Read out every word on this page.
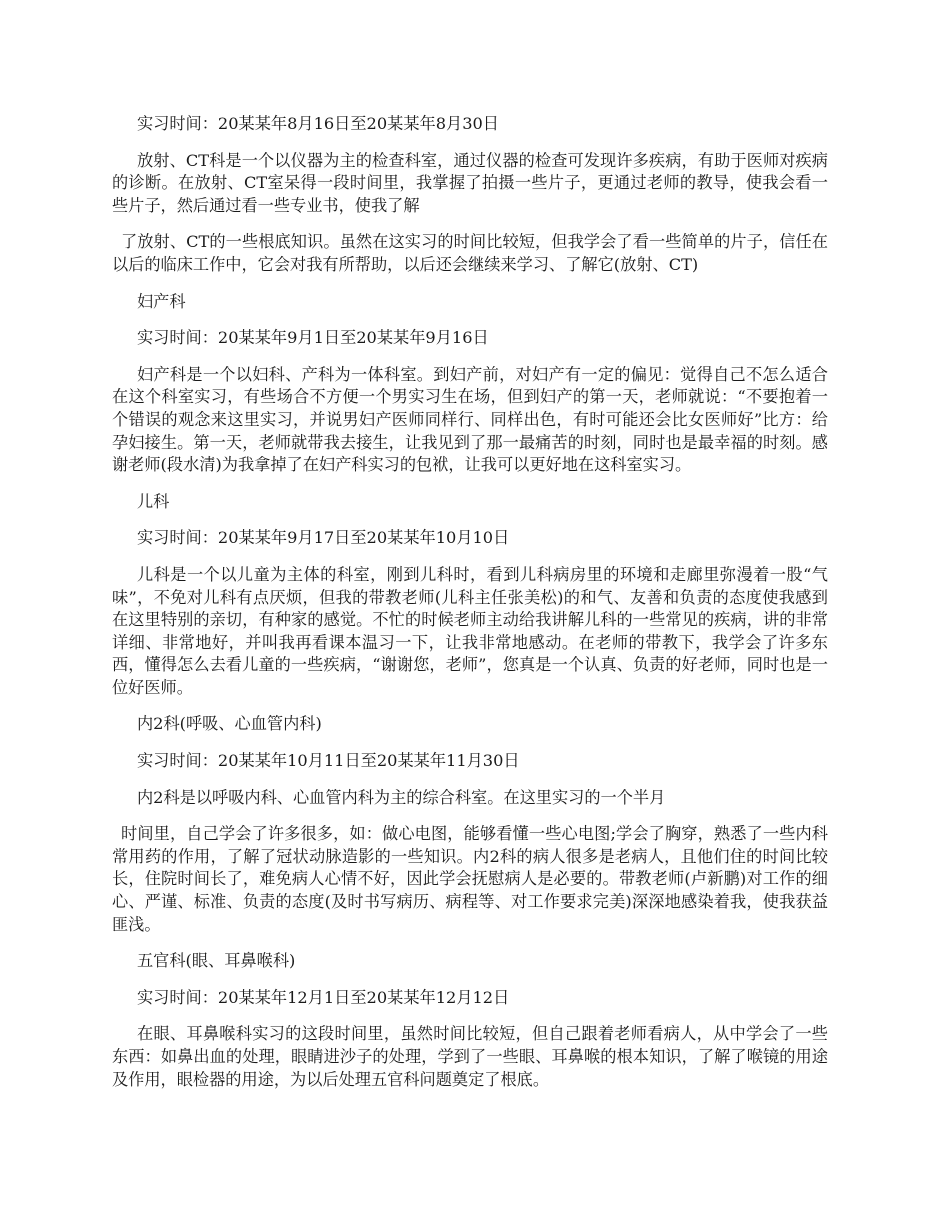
实习时间：20某某年8月16日至20某某年8月30日

放射、CT科是一个以仪器为主的检查科室，通过仪器的检查可发现许多疾病，有助于医师对疾病的诊断。在放射、CT室呆得一段时间里，我掌握了拍摄一些片子，更通过老师的教导，使我会看一些片子，然后通过看一些专业书，使我了解

了放射、CT的一些根底知识。虽然在这实习的时间比较短，但我学会了看一些简单的片子，信任在以后的临床工作中，它会对我有所帮助，以后还会继续来学习、了解它(放射、CT)

妇产科

实习时间：20某某年9月1日至20某某年9月16日

妇产科是一个以妇科、产科为一体科室。到妇产前，对妇产有一定的偏见：觉得自己不怎么适合在这个科室实习，有些场合不方便一个男实习生在场，但到妇产的第一天，老师就说：“不要抱着一个错误的观念来这里实习，并说男妇产医师同样行、同样出色，有时可能还会比女医师好”比方：给孕妇接生。第一天，老师就带我去接生，让我见到了那一最痛苦的时刻，同时也是最幸福的时刻。感谢老师(段水清)为我拿掉了在妇产科实习的包袱，让我可以更好地在这科室实习。

儿科

实习时间：20某某年9月17日至20某某年10月10日

儿科是一个以儿童为主体的科室，刚到儿科时，看到儿科病房里的环境和走廊里弥漫着一股“气味”，不免对儿科有点厌烦，但我的带教老师(儿科主任张美松)的和气、友善和负责的态度使我感到在这里特别的亲切，有种家的感觉。不忙的时候老师主动给我讲解儿科的一些常见的疾病，讲的非常详细、非常地好，并叫我再看课本温习一下，让我非常地感动。在老师的带教下，我学会了许多东西，懂得怎么去看儿童的一些疾病，“谢谢您，老师”，您真是一个认真、负责的好老师，同时也是一位好医师。

内2科(呼吸、心血管内科)

实习时间：20某某年10月11日至20某某年11月30日

内2科是以呼吸内科、心血管内科为主的综合科室。在这里实习的一个半月

时间里，自己学会了许多很多，如：做心电图，能够看懂一些心电图;学会了胸穿，熟悉了一些内科常用药的作用，了解了冠状动脉造影的一些知识。内2科的病人很多是老病人，且他们住的时间比较长，住院时间长了，难免病人心情不好，因此学会抚慰病人是必要的。带教老师(卢新鹏)对工作的细心、严谨、标准、负责的态度(及时书写病历、病程等、对工作要求完美)深深地感染着我，使我获益匪浅。

五官科(眼、耳鼻喉科)

实习时间：20某某年12月1日至20某某年12月12日

在眼、耳鼻喉科实习的这段时间里，虽然时间比较短，但自己跟着老师看病人，从中学会了一些东西：如鼻出血的处理，眼睛进沙子的处理，学到了一些眼、耳鼻喉的根本知识，了解了喉镜的用途及作用，眼检器的用途，为以后处理五官科问题奠定了根底。
